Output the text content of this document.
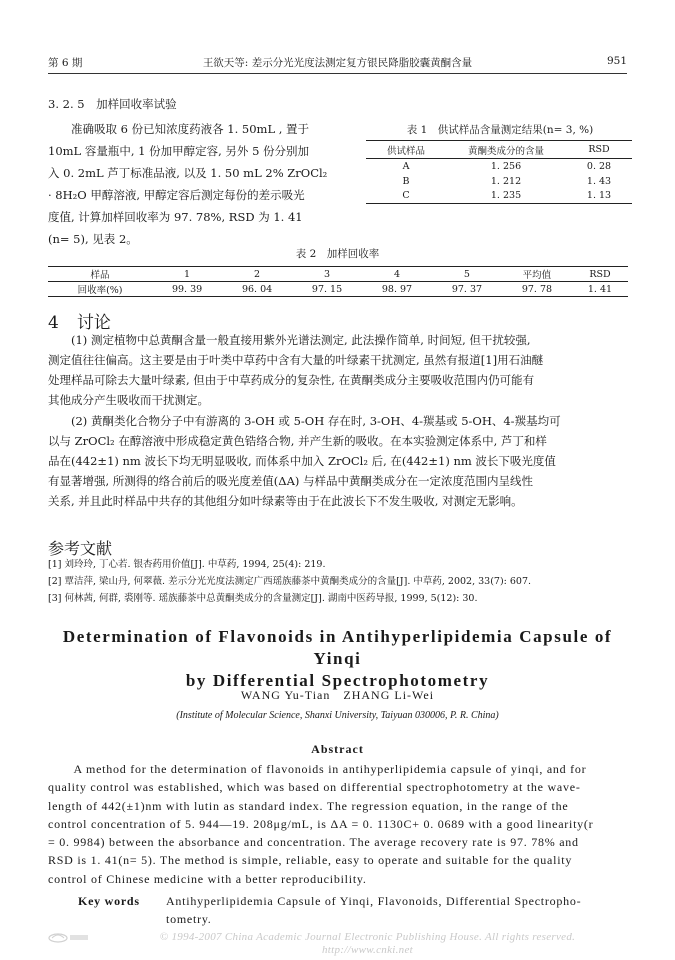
第 6 期	王欲天等: 差示分光光度法测定复方银民降脂胶囊黄酮含量	951
3. 2. 5　加样回收率试验
　　准确吸取 6 份已知浓度药液各 1. 50mL , 置于
10mL 容量瓶中, 1 份加甲醇定容, 另外 5 份分别加
入 0. 2mL 芦丁标准品液, 以及 1. 50 mL 2% ZrOCl₂
· 8H₂O 甲醇溶液, 甲醇定容后测定每份的差示吸光
度值, 计算加样回收率为 97. 78%, RSD 为 1. 41
(n= 5), 见表 2。
表 1　供试样品含量测定结果(n= 3, %)
供试样品	黄酮类成分的含量	RSD
A	1. 256	0. 28
B	1. 212	1. 43
C	1. 235	1. 13
表 2　加样回收率
样品	1	2	3	4	5	平均值	RSD
回收率(%)	99. 39	96. 04	97. 15	98. 97	97. 37	97. 78	1. 41
4 讨论
　　(1) 测定植物中总黄酮含量一般直接用紫外光谱法测定, 此法操作简单, 时间短, 但干扰较强,
测定值往往偏高。这主要是由于叶类中草药中含有大量的叶绿素干扰测定, 虽然有报道[1]用石油醚
处理样品可除去大量叶绿素, 但由于中草药成分的复杂性, 在黄酮类成分主要吸收范围内仍可能有
其他成分产生吸收而干扰测定。
　　(2) 黄酮类化合物分子中有游离的 3-OH 或 5-OH 存在时, 3-OH、4-羰基或 5-OH、4-羰基均可
以与 ZrOCl₂ 在醇溶液中形成稳定黄色锆络合物, 并产生新的吸收。在本实验测定体系中, 芦丁和样
品在(442±1) nm 波长下均无明显吸收, 而体系中加入 ZrOCl₂ 后, 在(442±1) nm 波长下吸光度值
有显著增强, 所测得的络合前后的吸光度差值(ΔA) 与样品中黄酮类成分在一定浓度范围内呈线性
关系, 并且此时样品中共存的其他组分如叶绿素等由于在此波长下不发生吸收, 对测定无影响。
参考文献
[1] 刘玲玲, 丁心若. 银杏药用价值[J]. 中草药, 1994, 25(4): 219.
[2] 覃洁萍, 梁山丹, 何翠薇. 差示分光光度法测定广西瑶族藤茶中黄酮类成分的含量[J]. 中草药, 2002, 33(7): 607.
[3] 何林茜, 何群, 裘刚等. 瑶族藤茶中总黄酮类成分的含量测定[J]. 湖南中医药导报, 1999, 5(12): 30.
Determination of Flavonoids in Antihyperlipidemia Capsule of Yinqi
by Differential Spectrophotometry
WANG Yu-Tian　ZHANG Li-Wei
(Institute of Molecular Science, Shanxi University, Taiyuan 030006, P. R. China)
Abstract
　　A method for the determination of flavonoids in antihyperlipidemia capsule of yinqi, and for
quality control was established, which was based on differential spectrophotometry at the wave-
length of 442(±1)nm with lutin as standard index. The regression equation, in the range of the
control concentration of 5. 944—19. 208μg/mL, is ΔA = 0. 1130C+ 0. 0689 with a good linearity(r
= 0. 9984) between the absorbance and concentration. The average recovery rate is 97. 78% and
RSD is 1. 41(n= 5). The method is simple, reliable, easy to operate and suitable for the quality
control of Chinese medicine with a better reproducibility.
Key words Antihyperlipidemia Capsule of Yinqi, Flavonoids, Differential Spectropho-
tometry.
© 1994-2007 China Academic Journal Electronic Publishing House. All rights reserved.　　http://www.cnki.net
